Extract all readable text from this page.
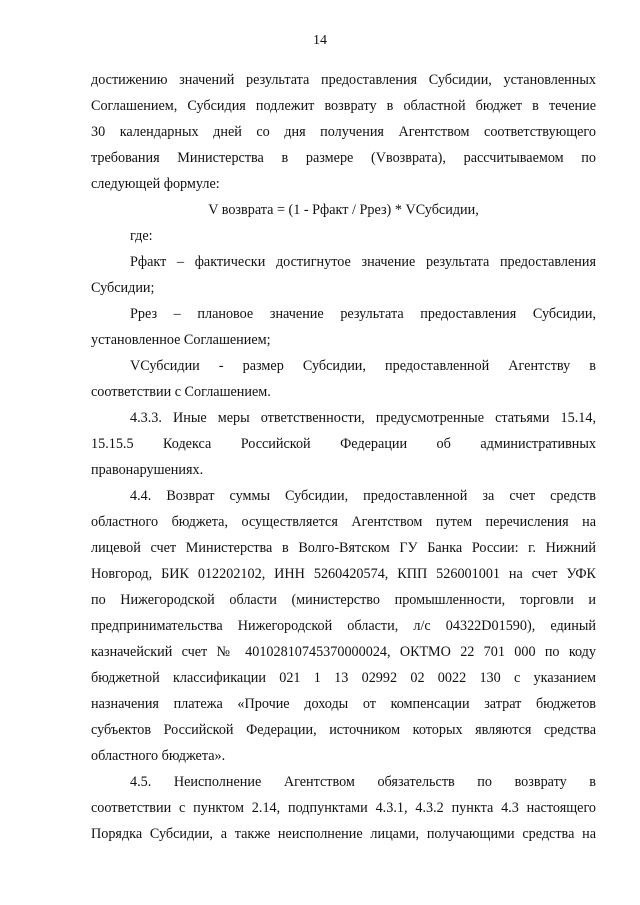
14
достижению значений результата предоставления Субсидии, установленных
Соглашением, Субсидия подлежит возврату в областной бюджет в течение
30 календарных дней со дня получения Агентством соответствующего
требования Министерства в размере (Vвозврата), рассчитываемом по
следующей формуле:
V возврата = (1 - Рфакт / Ррез) * VСубсидии,
где:
Рфакт – фактически достигнутое значение результата предоставления
Субсидии;
Ррез – плановое значение результата предоставления Субсидии,
установленное Соглашением;
VСубсидии - размер Субсидии, предоставленной Агентству в
соответствии с Соглашением.
4.3.3. Иные меры ответственности, предусмотренные статьями 15.14,
15.15.5 Кодекса Российской Федерации об административных
правонарушениях.
4.4. Возврат суммы Субсидии, предоставленной за счет средств
областного бюджета, осуществляется Агентством путем перечисления на
лицевой счет Министерства в Волго-Вятском ГУ Банка России: г. Нижний
Новгород, БИК 012202102, ИНН 5260420574, КПП 526001001 на счет УФК
по Нижегородской области (министерство промышленности, торговли и
предпринимательства Нижегородской области, л/с 04322D01590), единый
казначейский счет № 40102810745370000024, ОКТМО 22 701 000 по коду
бюджетной классификации 021 1 13 02992 02 0022 130 с указанием
назначения платежа «Прочие доходы от компенсации затрат бюджетов
субъектов Российской Федерации, источником которых являются средства
областного бюджета».
4.5. Неисполнение Агентством обязательств по возврату в
соответствии с пунктом 2.14, подпунктами 4.3.1, 4.3.2 пункта 4.3 настоящего
Порядка Субсидии, а также неисполнение лицами, получающими средства на
